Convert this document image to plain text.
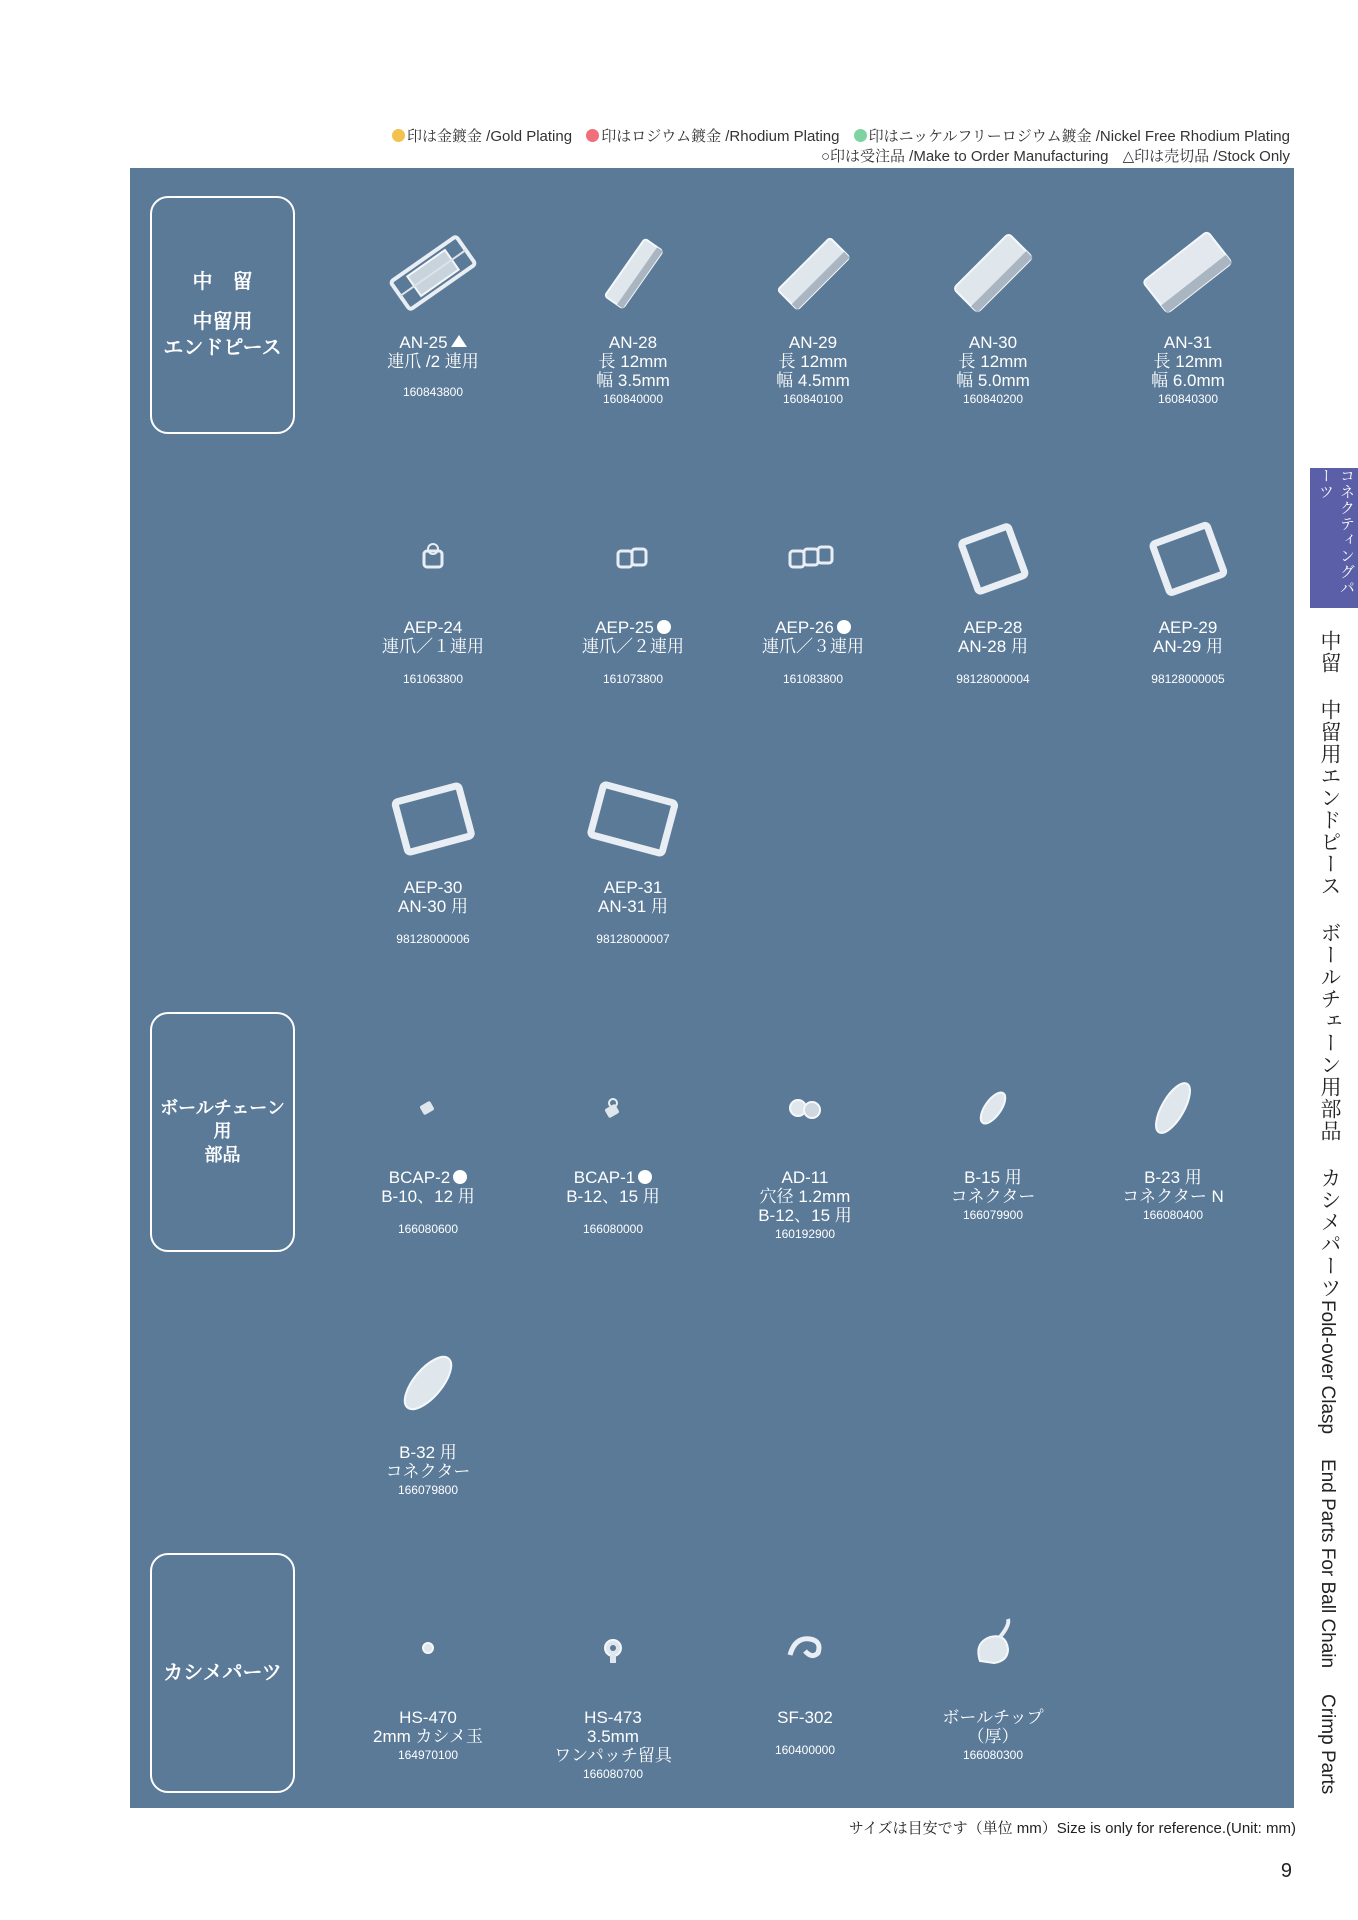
印は金鍍金 /Gold Plating 印はロジウム鍍金 /Rhodium Plating 印はニッケルフリーロジウム鍍金 /Nickel Free Rhodium Plating
○印は受注品 /Make to Order Manufacturing △印は売切品 /Stock Only
中　留
中留用
エンドピース
ボールチェーン用
部品
カシメパーツ
AN-25
連爪 /2 連用
160843800
AN-28
長 12mm
幅 3.5mm
160840000
AN-29
長 12mm
幅 4.5mm
160840100
AN-30
長 12mm
幅 5.0mm
160840200
AN-31
長 12mm
幅 6.0mm
160840300
AEP-24
連爪／１連用
161063800
AEP-25
連爪／２連用
161073800
AEP-26
連爪／３連用
161083800
AEP-28
AN-28 用
98128000004
AEP-29
AN-29 用
98128000005
AEP-30
AN-30 用
98128000006
AEP-31
AN-31 用
98128000007
BCAP-2
B-10、12 用
166080600
BCAP-1
B-12、15 用
166080000
AD-11
穴径 1.2mm
B-12、15 用
160192900
B-15 用
コネクター
166079900
B-23 用
コネクター N
166080400
B-32 用
コネクター
166079800
HS-470
2mm カシメ玉
164970100
HS-473
3.5mm
ワンパッチ留具
166080700
SF-302
160400000
ボールチップ
（厚）
166080300
コネクティングパーツ
中留 中留用エンドピース ボールチェーン用部品 カシメパーツ
Fold-over Clasp End Parts For Ball Chain Crimp Parts
サイズは目安です（単位 mm）Size is only for reference.(Unit: mm)
9
